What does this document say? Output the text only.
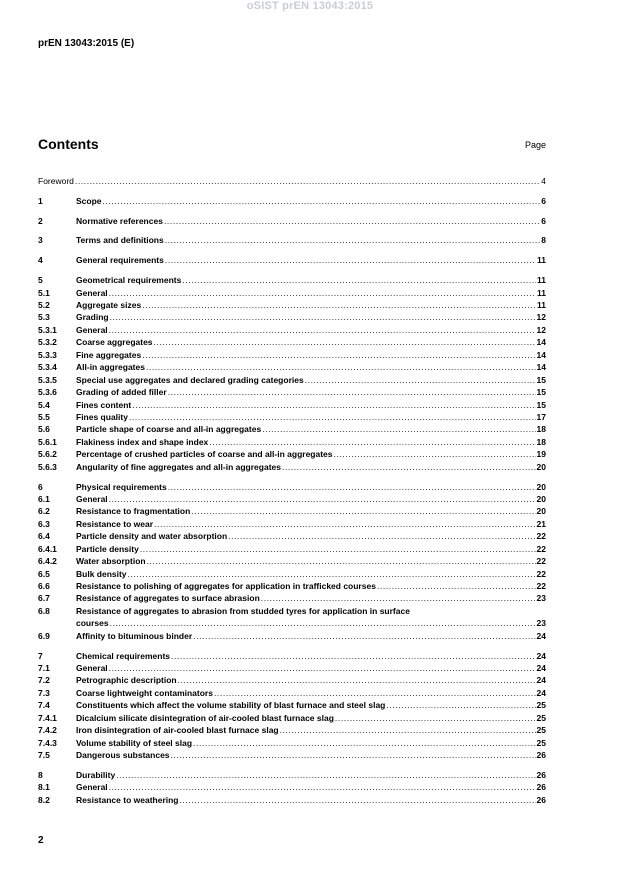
oSIST prEN 13043:2015
prEN 13043:2015 (E)
Contents	Page
Foreword .....	4
1	Scope .....	6
2	Normative references .....	6
3	Terms and definitions .....	8
4	General requirements .....	11
5	Geometrical requirements .....	11
5.1	General .....	11
5.2	Aggregate sizes .....	11
5.3	Grading .....	12
5.3.1 General .....	12
5.3.2 Coarse aggregates .....	14
5.3.3 Fine aggregates .....	14
5.3.4 All-in aggregates .....	14
5.3.5 Special use aggregates and declared grading categories .....	15
5.3.6 Grading of added filler .....	15
5.4	Fines content .....	15
5.5	Fines quality .....	17
5.6	Particle shape of coarse and all-in aggregates .....	18
5.6.1 Flakiness index and shape index .....	18
5.6.2 Percentage of crushed particles of coarse and all-in aggregates .....	19
5.6.3 Angularity of fine aggregates and all-in aggregates .....	20
6	Physical requirements .....	20
6.1	General .....	20
6.2	Resistance to fragmentation .....	20
6.3	Resistance to wear .....	21
6.4	Particle density and water absorption .....	22
6.4.1 Particle density .....	22
6.4.2 Water absorption .....	22
6.5	Bulk density .....	22
6.6	Resistance to polishing of aggregates for application in trafficked courses .....	22
6.7	Resistance of aggregates to surface abrasion .....	23
6.8	Resistance of aggregates to abrasion from studded tyres for application in surface
courses .....	23
6.9	Affinity to bituminous binder .....	24
7	Chemical requirements .....	24
7.1	General .....	24
7.2	Petrographic description .....	24
7.3	Coarse lightweight contaminators .....	24
7.4	Constituents which affect the volume stability of blast furnace and steel slag .....	25
7.4.1 Dicalcium silicate disintegration of air-cooled blast furnace slag .....	25
7.4.2 Iron disintegration of air-cooled blast furnace slag .....	25
7.4.3 Volume stability of steel slag .....	25
7.5	Dangerous substances .....	26
8	Durability .....	26
8.1	General .....	26
8.2	Resistance to weathering .....	26
2
